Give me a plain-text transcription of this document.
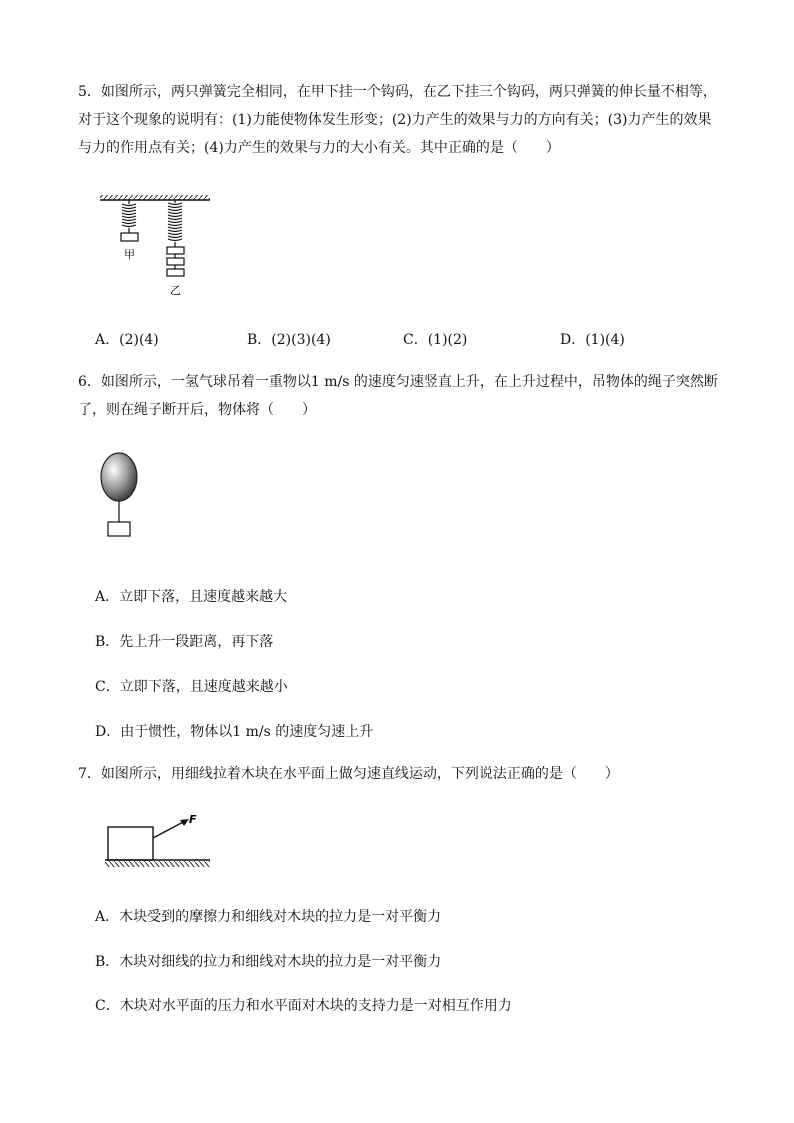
5．如图所示，两只弹簧完全相同，在甲下挂一个钩码，在乙下挂三个钩码，两只弹簧的伸长量不相等，对于这个现象的说明有：(1)力能使物体发生形变；(2)力产生的效果与力的方向有关；(3)力产生的效果与力的作用点有关；(4)力产生的效果与力的大小有关。其中正确的是（　　）
甲
乙
A．(2)(4)	B．(2)(3)(4)	C．(1)(2)	D．(1)(4)
6．如图所示，一氢气球吊着一重物以1 m/s 的速度匀速竖直上升，在上升过程中，吊物体的绳子突然断了，则在绳子断开后，物体将（　　）
A．立即下落，且速度越来越大
B．先上升一段距离，再下落
C．立即下落，且速度越来越小
D．由于惯性，物体以1 m/s 的速度匀速上升
7．如图所示，用细线拉着木块在水平面上做匀速直线运动，下列说法正确的是（　　）
F
A．木块受到的摩擦力和细线对木块的拉力是一对平衡力
B．木块对细线的拉力和细线对木块的拉力是一对平衡力
C．木块对水平面的压力和水平面对木块的支持力是一对相互作用力
